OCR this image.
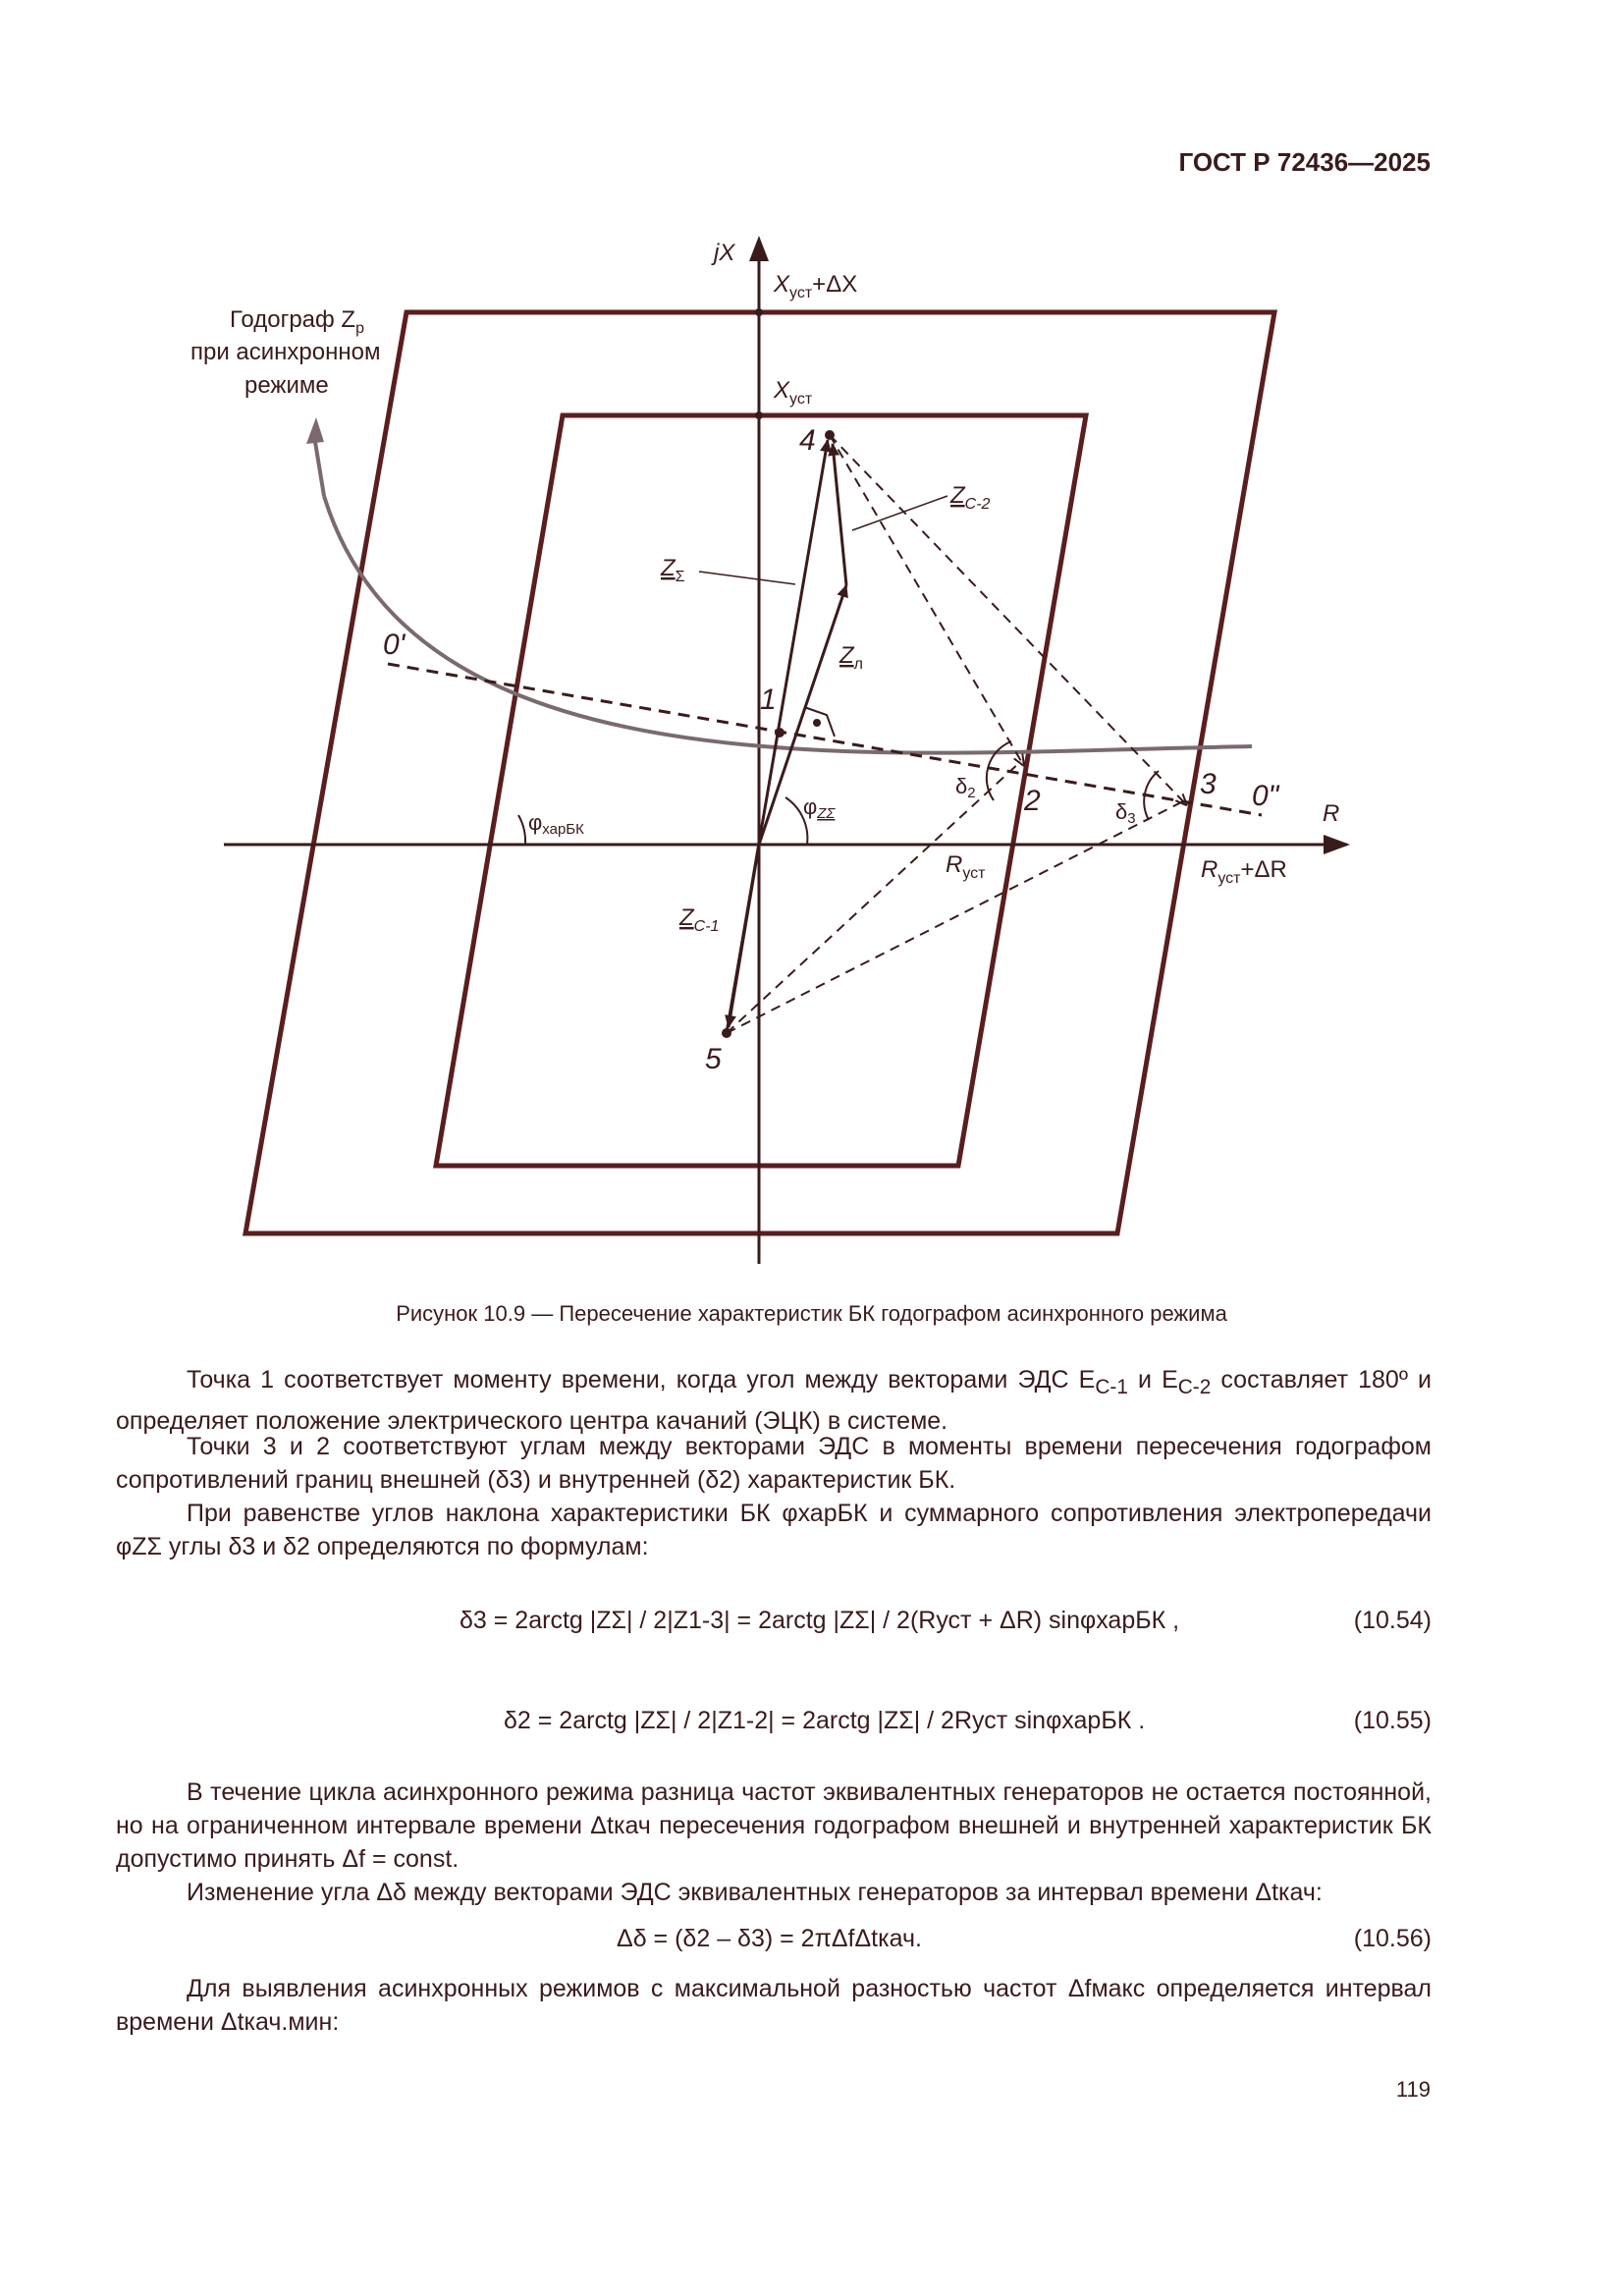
ГОСТ Р 72436—2025
jX
R
$X_{уст}+\Delta X$
$X_{уст}$
$R_{уст}$	$R_{уст}+\Delta R$
Годограф $Z_р$
при асинхронном
режиме
$Z_{С-2}$
$Z_\Sigma$
$Z_л$
$Z_{С-1}$
1
2
3
4
5
0'
0"
φхарБК
φZΣ
δ2
δ3
Рисунок 10.9 — Пересечение характеристик БК годографом асинхронного режима

Точка 1 соответствует моменту времени, когда угол между векторами ЭДС $E_{С-1}$ и $E_{С-2}$ составляет 180º и определяет положение электрического центра качаний (ЭЦК) в системе.

Точки 3 и 2 соответствуют углам между векторами ЭДС в моменты времени пересечения годографом сопротивлений границ внешней (δ3) и внутренней (δ2) характеристик БК.

При равенстве углов наклона характеристики БК φхарБК и суммарного сопротивления электропередачи φZΣ углы δ3 и δ2 определяются по формулам:

δ3 = 2arctg |ZΣ| / 2|Z1-3| = 2arctg |ZΣ| / 2(Rуст + ΔR) sinφхарБК ,	(10.54)
δ2 = 2arctg |ZΣ| / 2|Z1-2| = 2arctg |ZΣ| / 2Rуст sinφхарБК .	(10.55)

В течение цикла асинхронного режима разница частот эквивалентных генераторов не остается постоянной, но на ограниченном интервале времени Δtкач пересечения годографом внешней и внутренней характеристик БК допустимо принять Δf = const.

Изменение угла Δδ между векторами ЭДС эквивалентных генераторов за интервал времени Δtкач:

Δδ = (δ2 – δ3) = 2πΔfΔtкач.	(10.56)

Для выявления асинхронных режимов с максимальной разностью частот Δfмакс определяется интервал времени Δtкач.мин:

119
